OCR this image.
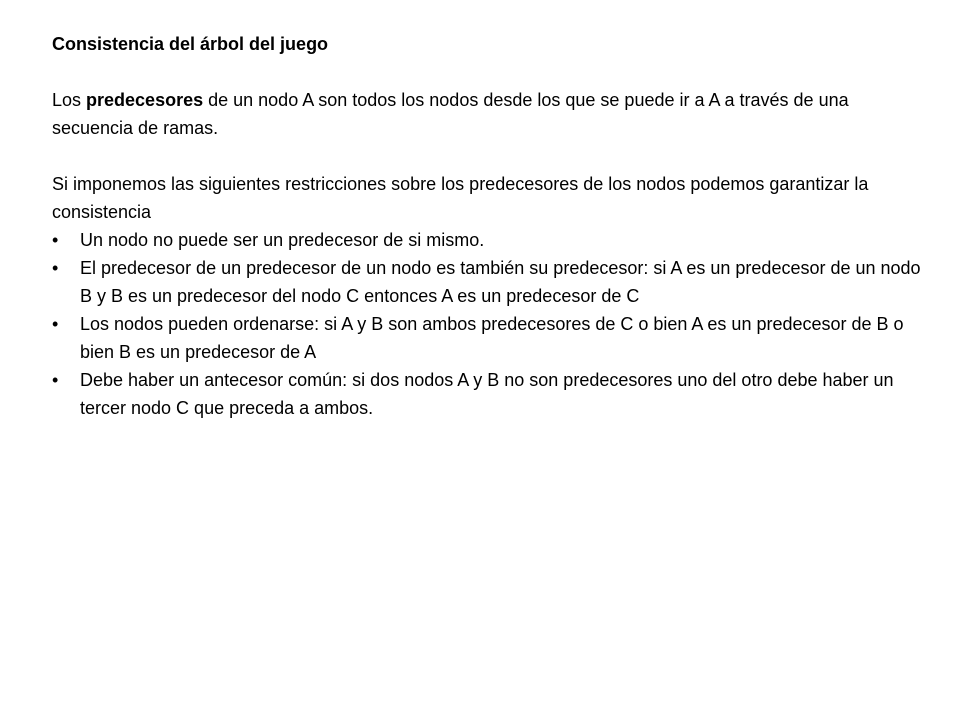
Consistencia del árbol del juego

Los predecesores de un nodo A son todos los nodos desde los que se puede ir a A a través de una secuencia de ramas.

Si imponemos las siguientes restricciones sobre los predecesores de los nodos podemos garantizar la consistencia

•	Un nodo no puede ser un predecesor de si mismo.
•	El predecesor de un predecesor de un nodo es también su predecesor: si A es un predecesor de un nodo B y B es un predecesor del nodo C entonces A es un predecesor de C
•	Los nodos pueden ordenarse: si A y B son ambos predecesores de C o bien A es un predecesor de B o bien B es un predecesor de A
•	Debe haber un antecesor común: si dos nodos A y B no son predecesores uno del otro debe haber un tercer nodo C que preceda a ambos.
